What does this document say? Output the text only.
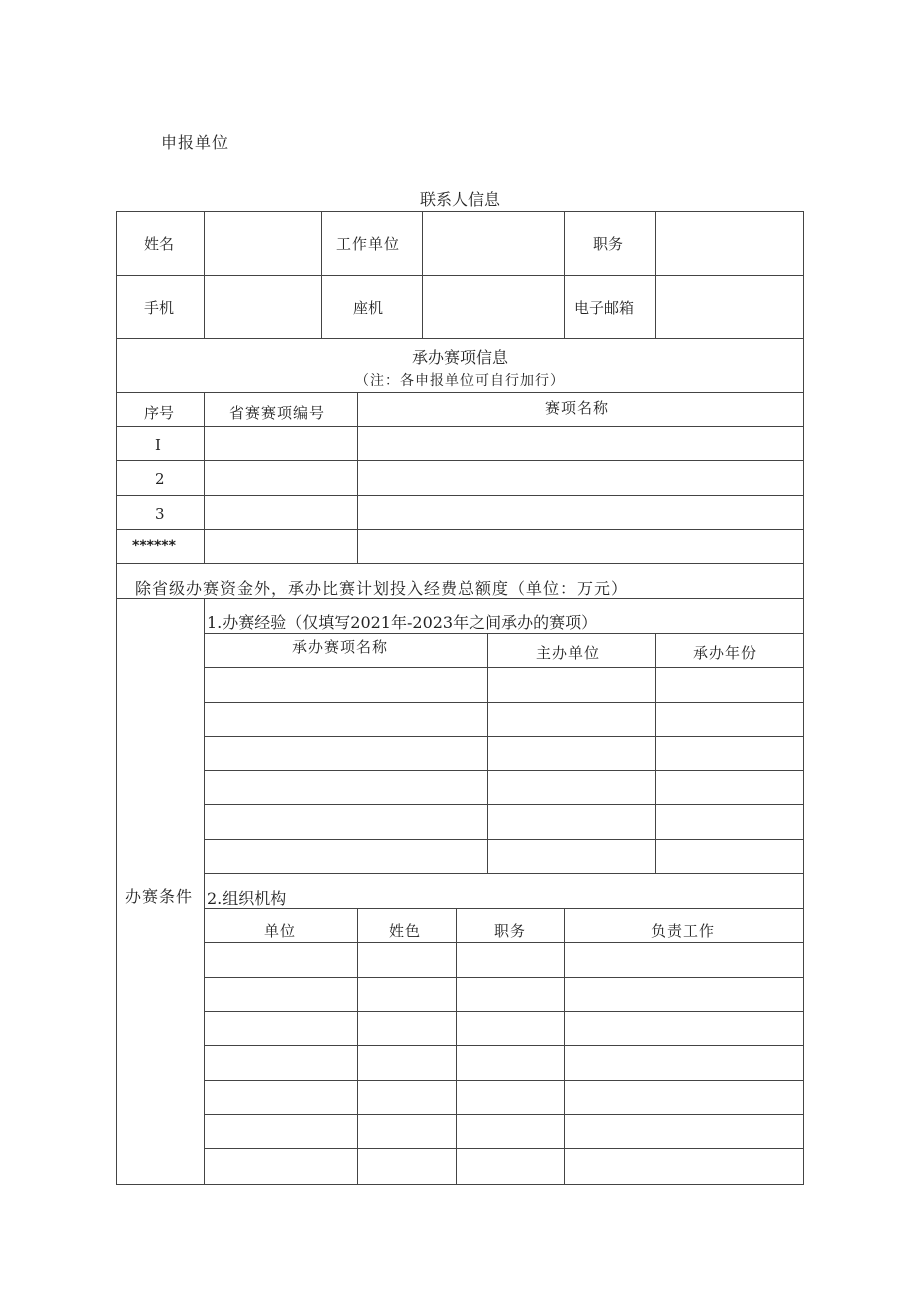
申报单位
联系人信息
姓名	工作单位	职务
手机	座机	电子邮箱
承办赛项信息
（注：各申报单位可自行加行）
序号	省赛赛项编号	赛项名称
I
2
3
******
除省级办赛资金外，承办比赛计划投入经费总额度（单位：万元）
办赛条件
1.办赛经验（仅填写2021年-2023年之间承办的赛项）
承办赛项名称	主办单位	承办年份
2.组织机构
单位	姓色	职务	负责工作
